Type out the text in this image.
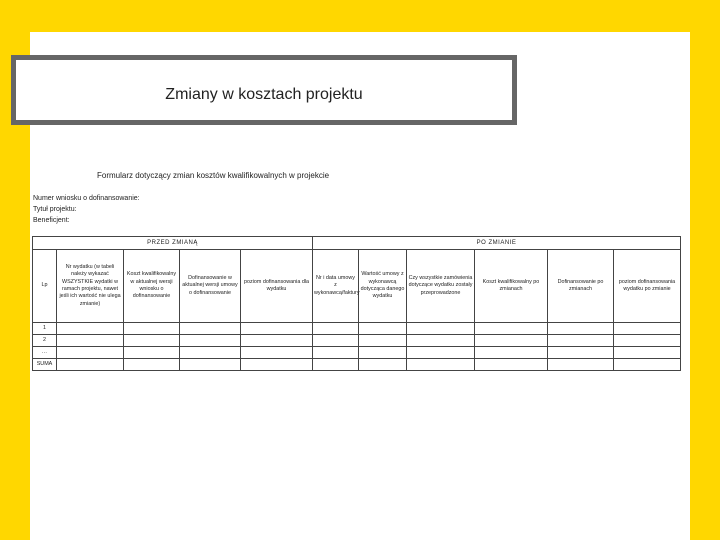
Zmiany w kosztach projektu
Formularz dotyczący zmian kosztów kwalifikowalnych w projekcie
Numer wniosku o dofinansowanie:
Tytuł projektu:
Beneficjent:
PRZED ZMIANĄ					PO ZMIANIE					
Lp	Nr wydatku (w tabeli należy wykazać WSZYSTKIE wydatki w ramach projektu, nawet jeśli ich wartość nie ulega zmianie)	Koszt kwalifikowalny w aktualnej wersji wniosku o dofinansowanie	Dofinansowanie w aktualnej wersji umowy o dofinansowanie	poziom dofinansowania dla wydatku	Nr i data umowy z wykonawcą/faktury	Wartość umowy z wykonawcą dotycząca danego wydatku	Czy wszystkie zamówienia dotyczące wydatku zostały przeprowadzone	Koszt kwalifikowalny po zmianach	Dofinansowanie po zmianach	poziom dofinansowania wydatku po zmianie
1										
2										
…										
SUMA										
